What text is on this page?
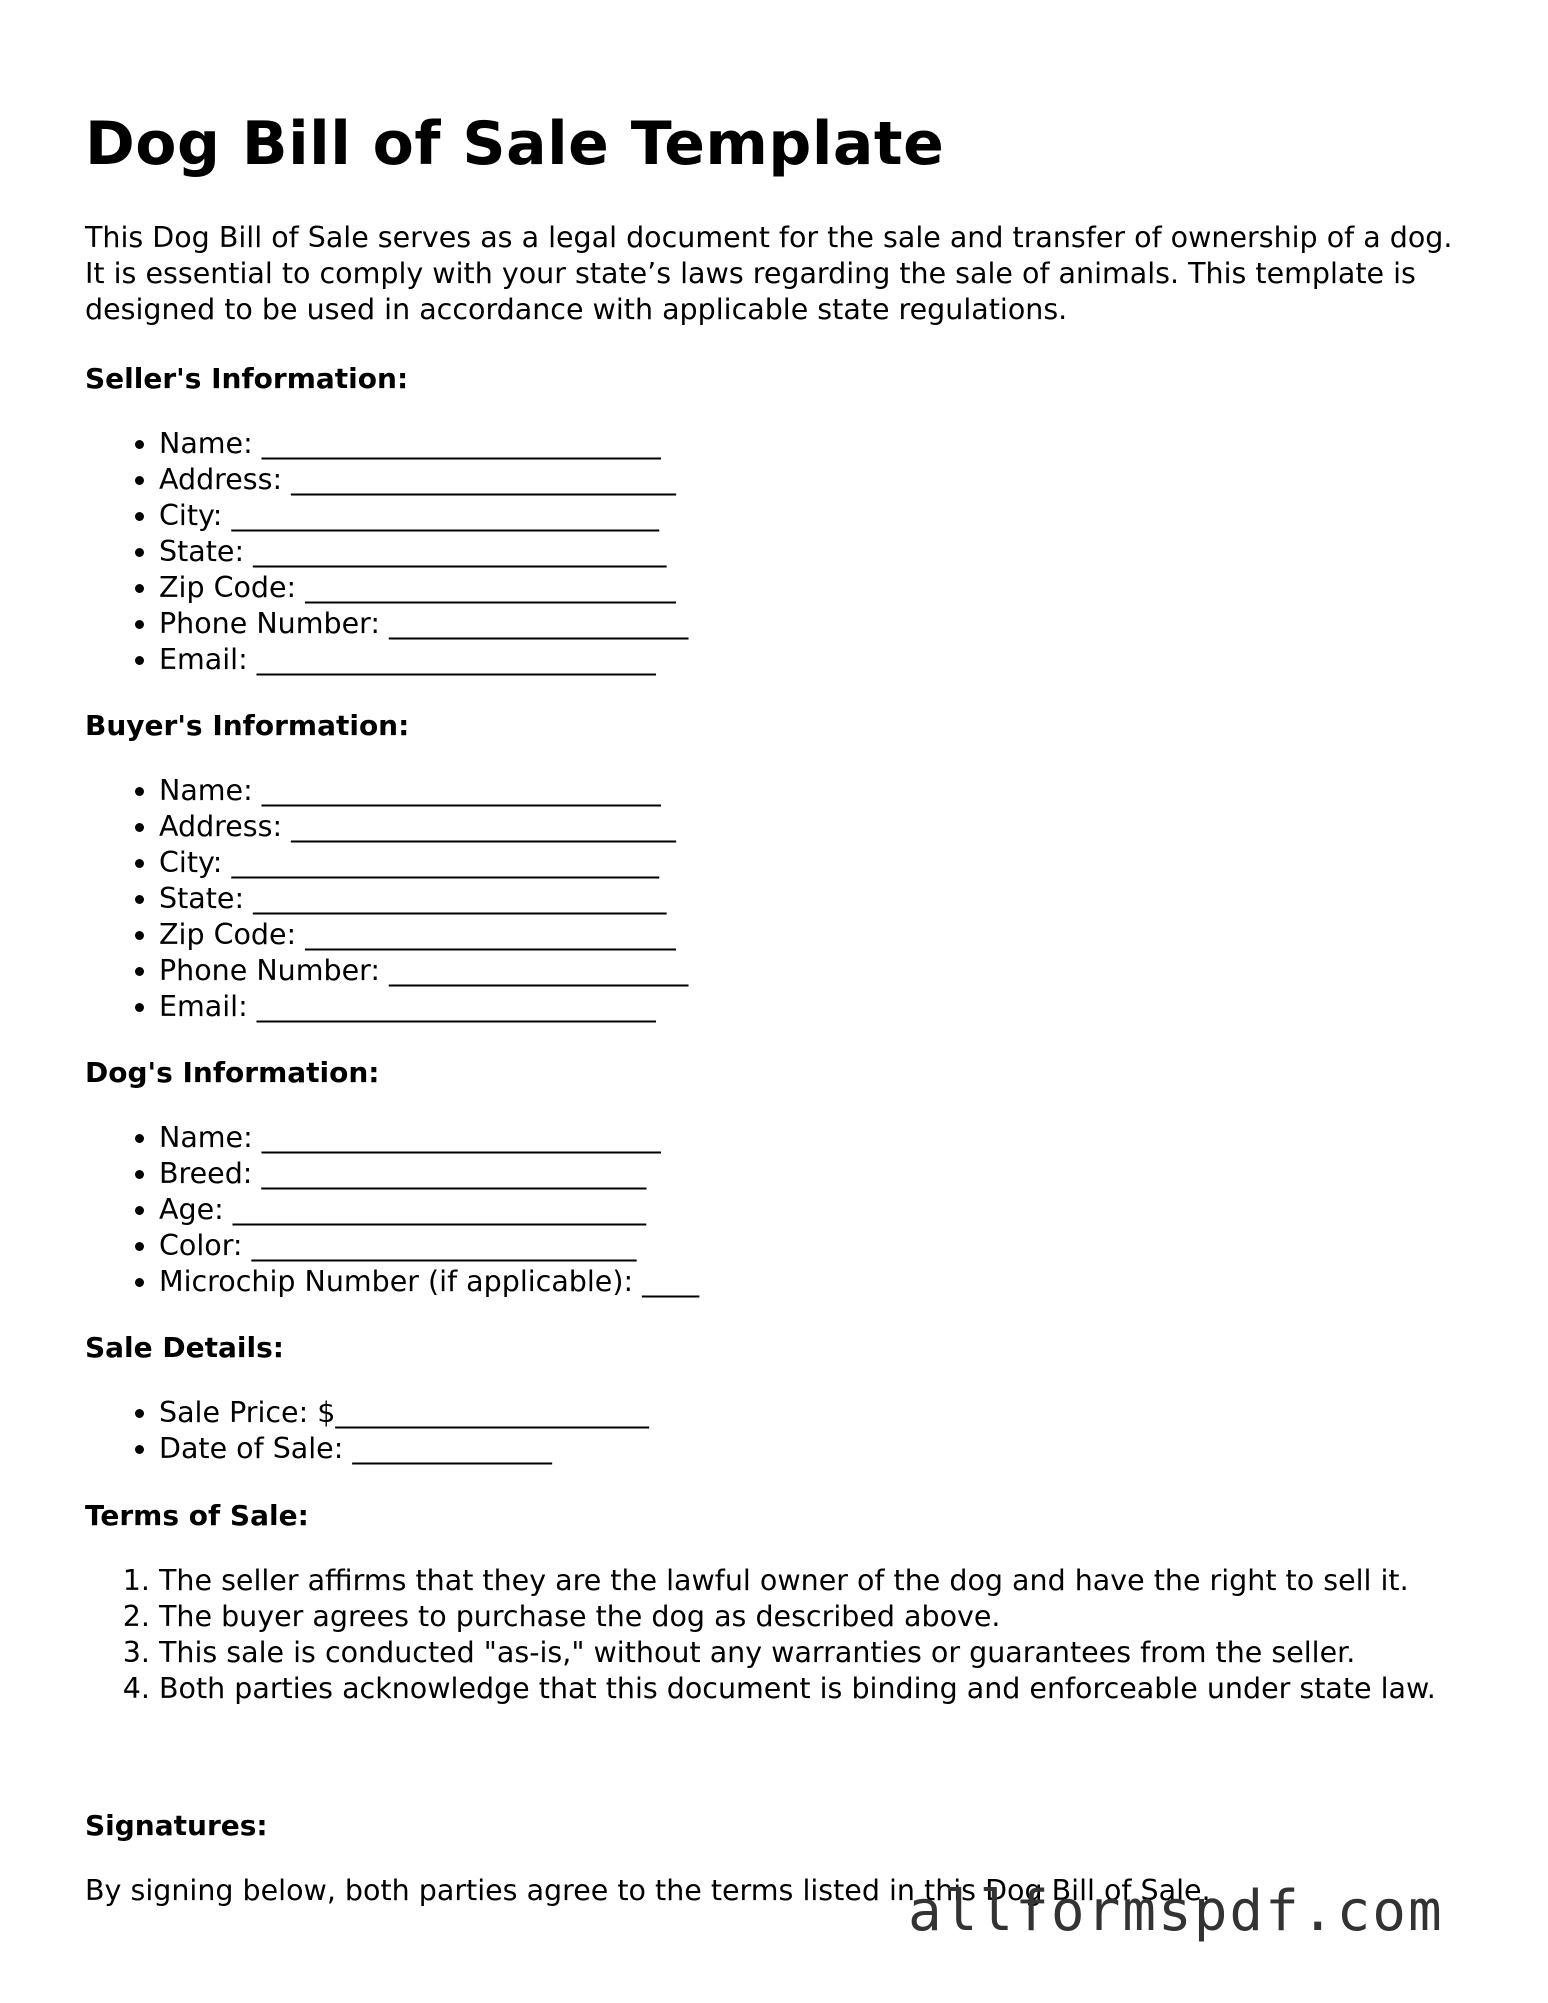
Dog Bill of Sale Template

This Dog Bill of Sale serves as a legal document for the sale and transfer of ownership of a dog. It is essential to comply with your state’s laws regarding the sale of animals. This template is designed to be used in accordance with applicable state regulations.

Seller's Information:
• Name: ____________________________
• Address: ___________________________
• City: ______________________________
• State: _____________________________
• Zip Code: __________________________
• Phone Number: _____________________
• Email: ____________________________
Buyer's Information:
• Name: ____________________________
• Address: ___________________________
• City: ______________________________
• State: _____________________________
• Zip Code: __________________________
• Phone Number: _____________________
• Email: ____________________________
Dog's Information:
• Name: ____________________________
• Breed: ___________________________
• Age: _____________________________
• Color: ___________________________
• Microchip Number (if applicable): ____
Sale Details:
• Sale Price: $______________________
• Date of Sale: ______________
Terms of Sale:
1. The seller affirms that they are the lawful owner of the dog and have the right to sell it.
2. The buyer agrees to purchase the dog as described above.
3. This sale is conducted "as-is," without any warranties or guarantees from the seller.
4. Both parties acknowledge that this document is binding and enforceable under state law.
Signatures:

By signing below, both parties agree to the terms listed in this Dog Bill of Sale.

allformspdf.com
